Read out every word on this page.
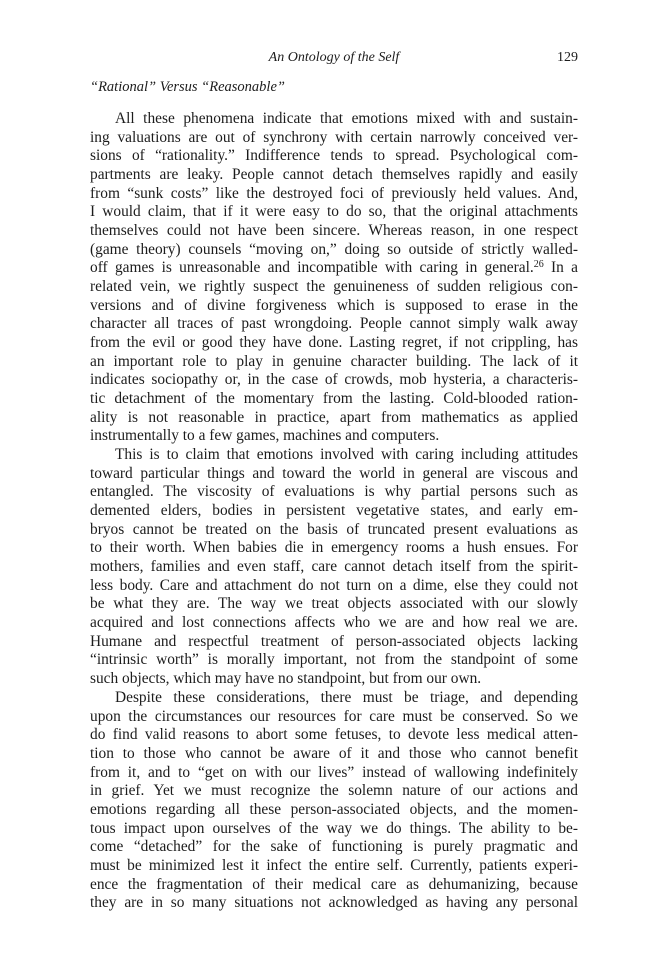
An Ontology of the Self	129
“Rational” Versus “Reasonable”
All these phenomena indicate that emotions mixed with and sustain-
ing valuations are out of synchrony with certain narrowly conceived ver-
sions of “rationality.” Indifference tends to spread. Psychological com-
partments are leaky. People cannot detach themselves rapidly and easily
from “sunk costs” like the destroyed foci of previously held values. And,
I would claim, that if it were easy to do so, that the original attachments
themselves could not have been sincere. Whereas reason, in one respect
(game theory) counsels “moving on,” doing so outside of strictly walled-
off games is unreasonable and incompatible with caring in general.$^{26}$ In a
related vein, we rightly suspect the genuineness of sudden religious con-
versions and of divine forgiveness which is supposed to erase in the
character all traces of past wrongdoing. People cannot simply walk away
from the evil or good they have done. Lasting regret, if not crippling, has
an important role to play in genuine character building. The lack of it
indicates sociopathy or, in the case of crowds, mob hysteria, a characteris-
tic detachment of the momentary from the lasting. Cold-blooded ration-
ality is not reasonable in practice, apart from mathematics as applied
instrumentally to a few games, machines and computers.
This is to claim that emotions involved with caring including attitudes
toward particular things and toward the world in general are viscous and
entangled. The viscosity of evaluations is why partial persons such as
demented elders, bodies in persistent vegetative states, and early em-
bryos cannot be treated on the basis of truncated present evaluations as
to their worth. When babies die in emergency rooms a hush ensues. For
mothers, families and even staff, care cannot detach itself from the spirit-
less body. Care and attachment do not turn on a dime, else they could not
be what they are. The way we treat objects associated with our slowly
acquired and lost connections affects who we are and how real we are.
Humane and respectful treatment of person-associated objects lacking
“intrinsic worth” is morally important, not from the standpoint of some
such objects, which may have no standpoint, but from our own.
Despite these considerations, there must be triage, and depending
upon the circumstances our resources for care must be conserved. So we
do find valid reasons to abort some fetuses, to devote less medical atten-
tion to those who cannot be aware of it and those who cannot benefit
from it, and to “get on with our lives” instead of wallowing indefinitely
in grief. Yet we must recognize the solemn nature of our actions and
emotions regarding all these person-associated objects, and the momen-
tous impact upon ourselves of the way we do things. The ability to be-
come “detached” for the sake of functioning is purely pragmatic and
must be minimized lest it infect the entire self. Currently, patients experi-
ence the fragmentation of their medical care as dehumanizing, because
they are in so many situations not acknowledged as having any personal
